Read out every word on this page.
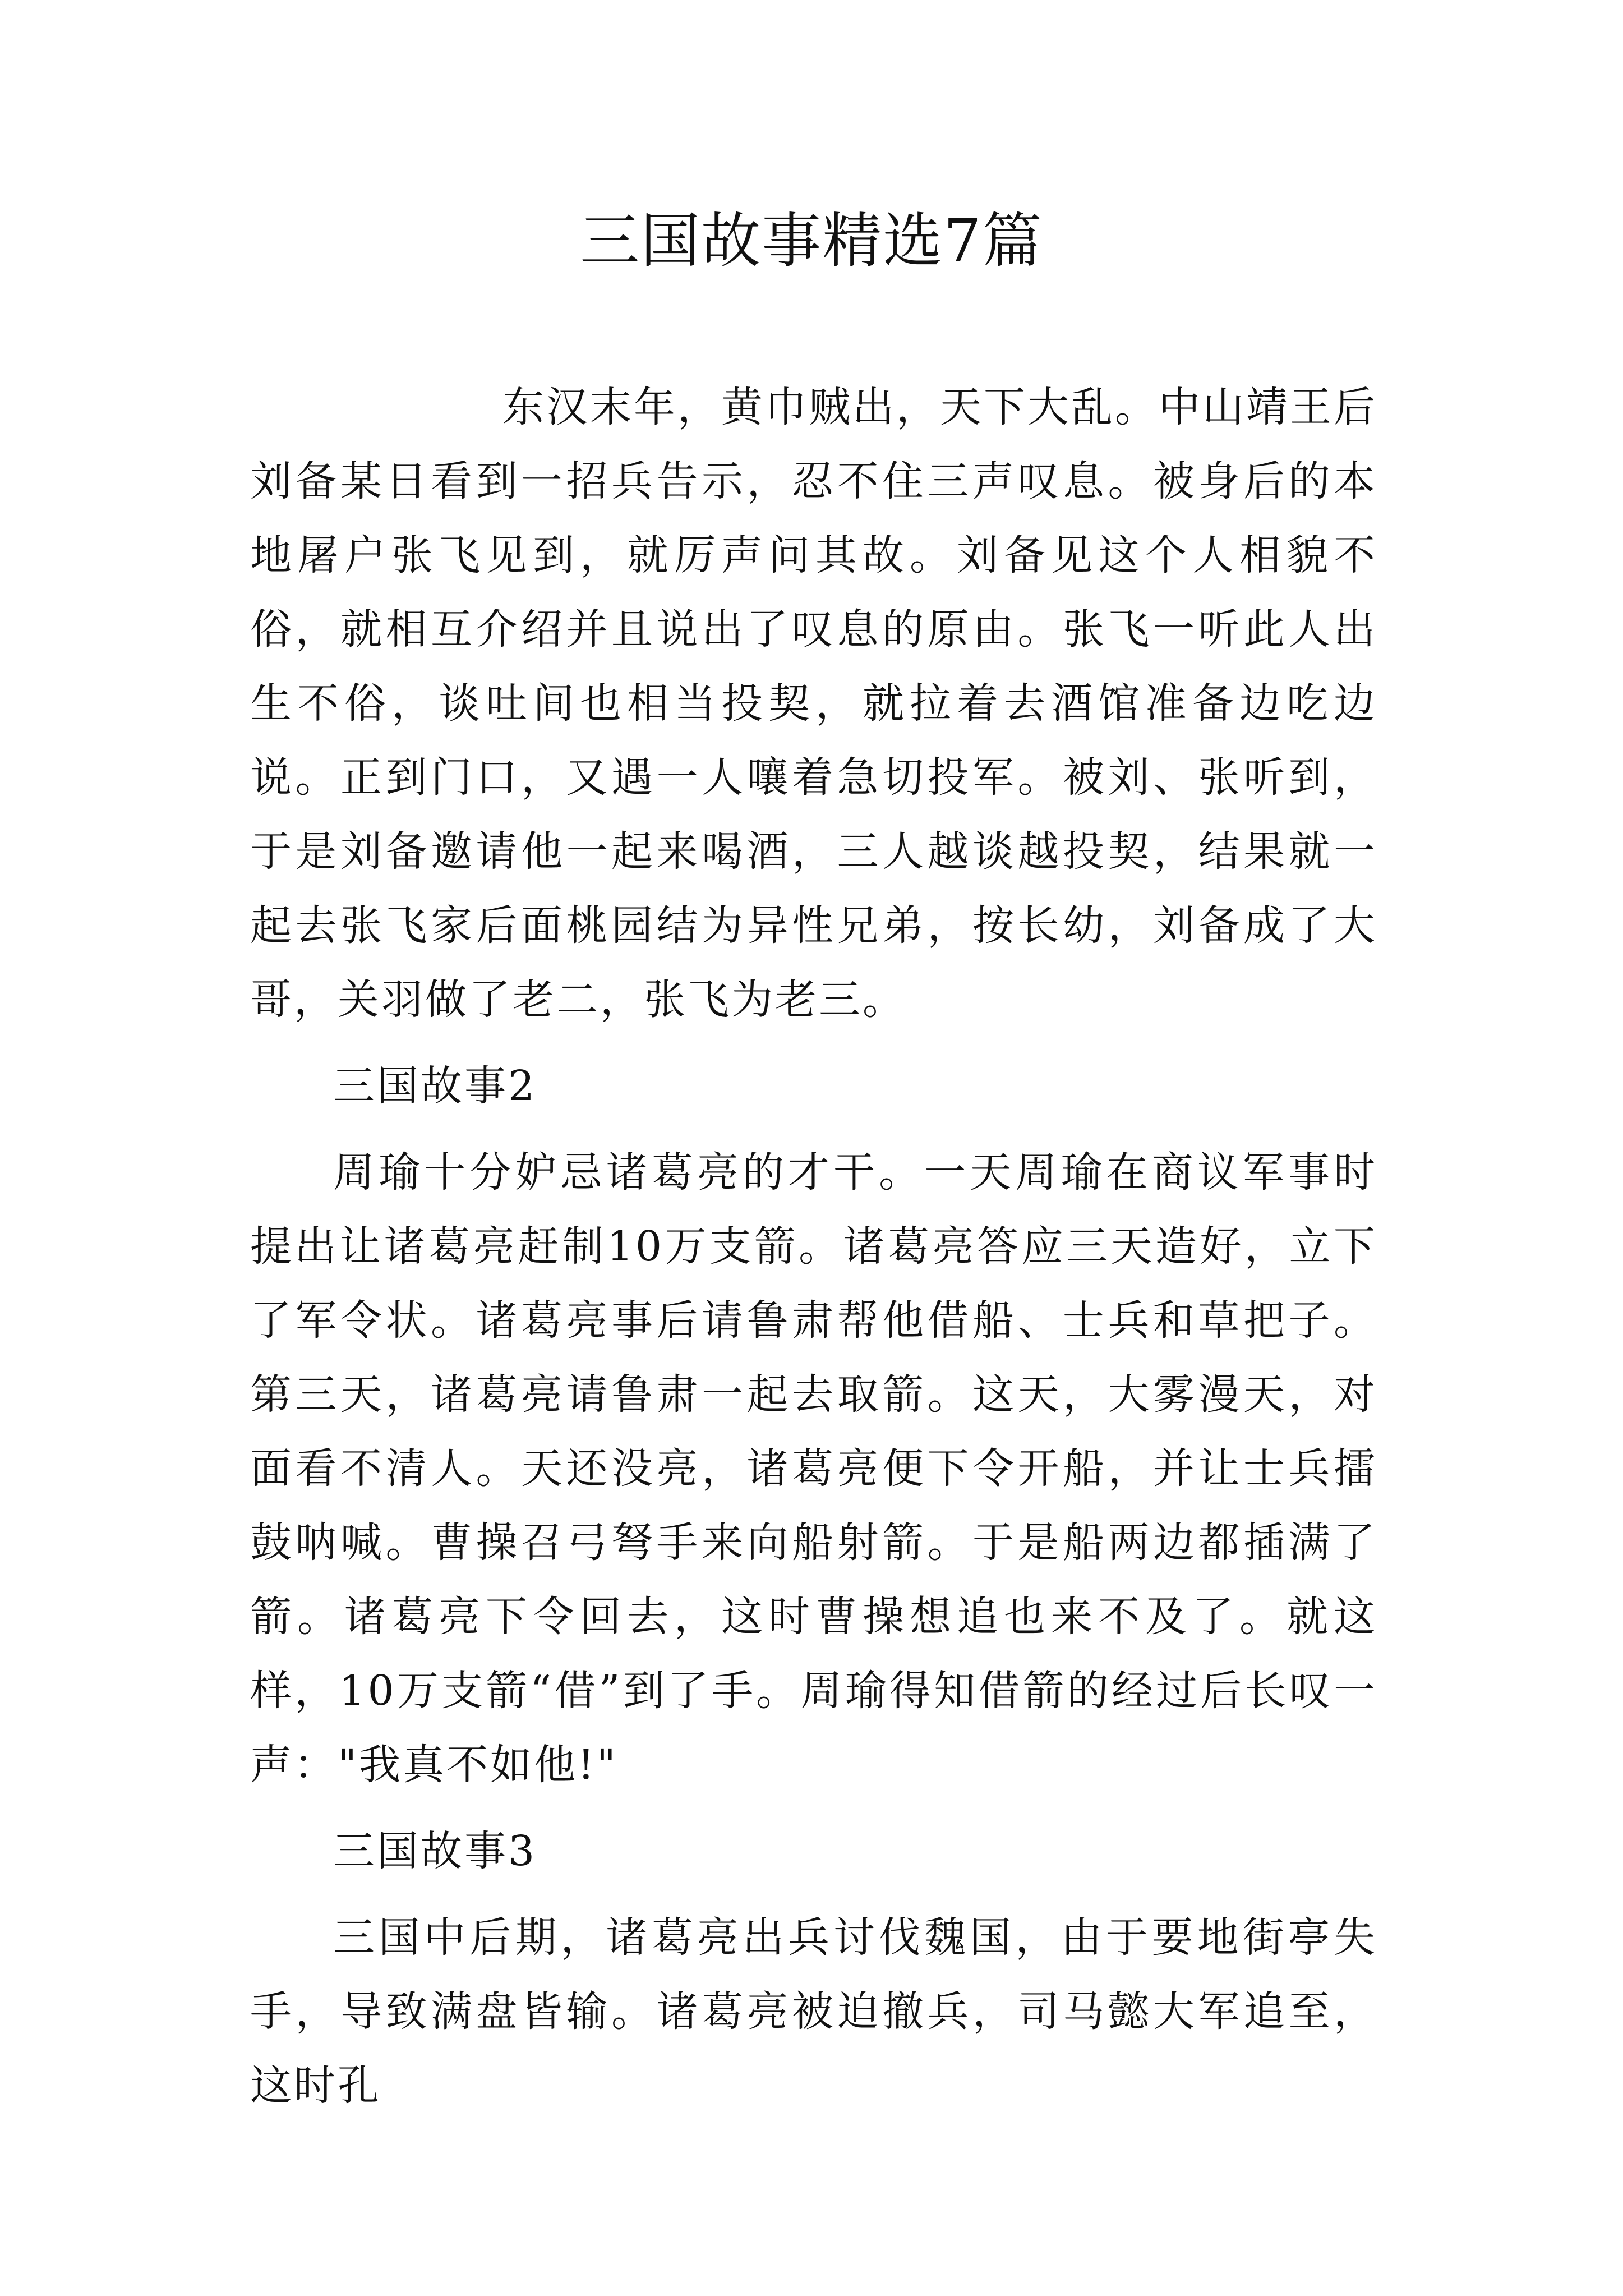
三国故事精选7篇

东汉末年，黄巾贼出，天下大乱。中山靖王后刘备某日看到一招兵告示，忍不住三声叹息。被身后的本地屠户张飞见到，就厉声问其故。刘备见这个人相貌不俗，就相互介绍并且说出了叹息的原由。张飞一听此人出生不俗，谈吐间也相当投契，就拉着去酒馆准备边吃边说。正到门口，又遇一人嚷着急切投军。被刘、张听到，于是刘备邀请他一起来喝酒，三人越谈越投契，结果就一起去张飞家后面桃园结为异性兄弟，按长幼，刘备成了大哥，关羽做了老二，张飞为老三。

三国故事2

周瑜十分妒忌诸葛亮的才干。一天周瑜在商议军事时提出让诸葛亮赶制10万支箭。诸葛亮答应三天造好，立下了军令状。诸葛亮事后请鲁肃帮他借船、士兵和草把子。第三天，诸葛亮请鲁肃一起去取箭。这天，大雾漫天，对面看不清人。天还没亮，诸葛亮便下令开船，并让士兵擂鼓呐喊。曹操召弓弩手来向船射箭。于是船两边都插满了箭。诸葛亮下令回去，这时曹操想追也来不及了。就这样，10万支箭“借”到了手。周瑜得知借箭的经过后长叹一声："我真不如他!"

三国故事3

三国中后期，诸葛亮出兵讨伐魏国，由于要地街亭失手，导致满盘皆输。诸葛亮被迫撤兵，司马懿大军追至，这时孔
